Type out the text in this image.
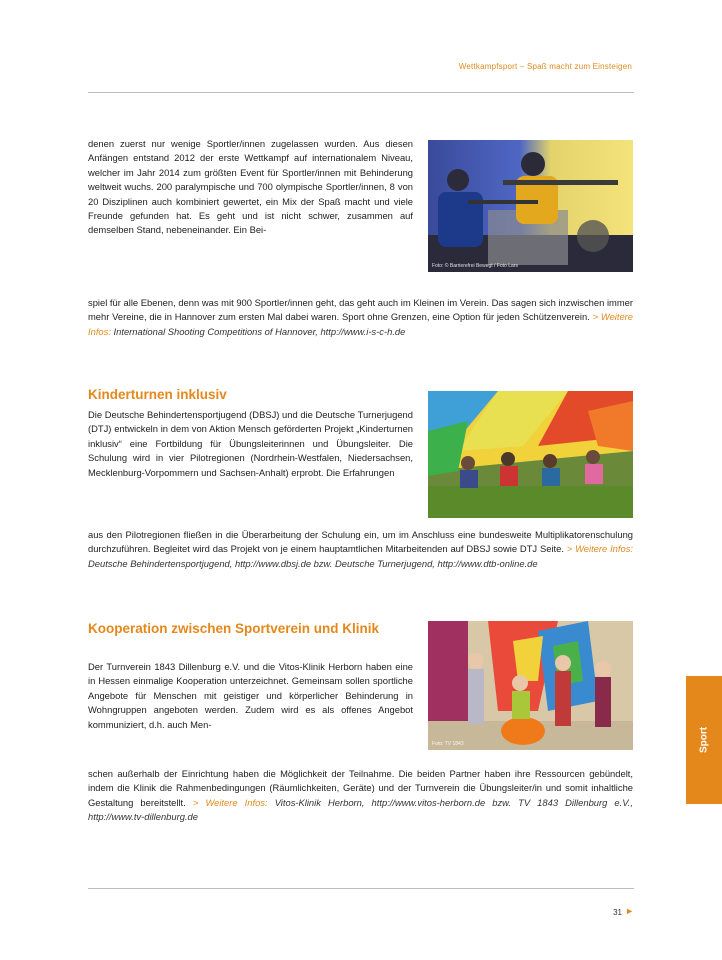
Wettkampfsport – Spaß macht zum Einsteigen

denen zuerst nur wenige Sportler/innen zugelassen wurden. Aus diesen Anfängen entstand 2012 der erste Wettkampf auf internationalem Niveau, welcher im Jahr 2014 zum größten Event für Sportler/innen mit Behinderung weltweit wuchs. 200 paralympische und 700 olympische Sportler/innen, 8 von 20 Disziplinen auch kombiniert gewertet, ein Mix der Spaß macht und viele Freunde gefunden hat. Es geht und ist nicht schwer, zusammen auf demselben Stand, nebeneinander. Ein Bei-

Foto: © Barrierefrei Bewegt / Foto Lars

spiel für alle Ebenen, denn was mit 900 Sportler/innen geht, das geht auch im Kleinen im Verein. Das sagen sich inzwischen immer mehr Vereine, die in Hannover zum ersten Mal dabei waren. Sport ohne Grenzen, eine Option für jeden Schützenverein. > Weitere Infos: International Shooting Competitions of Hannover, http://www.i-s-c-h.de

Kinderturnen inklusiv

Die Deutsche Behindertensportjugend (DBSJ) und die Deutsche Turnerjugend (DTJ) entwickeln in dem von Aktion Mensch geförderten Projekt „Kinderturnen inklusiv“ eine Fortbildung für Übungsleiterinnen und Übungsleiter. Die Schulung wird in vier Pilotregionen (Nordrhein-Westfalen, Niedersachsen, Mecklenburg-Vorpommern und Sachsen-Anhalt) erprobt. Die Erfahrungen

aus den Pilotregionen fließen in die Überarbeitung der Schulung ein, um im Anschluss eine bundesweite Multiplikatorenschulung durchzuführen. Begleitet wird das Projekt von je einem hauptamtlichen Mitarbeitenden auf DBSJ sowie DTJ Seite. > Weitere Infos: Deutsche Behindertensportjugend, http://www.dbsj.de bzw. Deutsche Turnerjugend, http://www.dtb-online.de

Kooperation zwischen Sportverein und Klinik

Der Turnverein 1843 Dillenburg e.V. und die Vitos-Klinik Herborn haben eine in Hessen einmalige Kooperation unterzeichnet. Gemeinsam sollen sportliche Angebote für Menschen mit geistiger und körperlicher Behinderung in Wohngruppen angeboten werden. Zudem wird es als offenes Angebot kommuniziert, d.h. auch Men-

Foto: TV 1843

schen außerhalb der Einrichtung haben die Möglichkeit der Teilnahme. Die beiden Partner haben ihre Ressourcen gebündelt, indem die Klinik die Rahmenbedingungen (Räumlichkeiten, Geräte) und der Turnverein die Übungsleiter/in und somit inhaltliche Gestaltung bereitstellt. > Weitere Infos: Vitos-Klinik Herborn, http://www.vitos-herborn.de bzw. TV 1843 Dillenburg e.V., http://www.tv-dillenburg.de

Sport
31 ►
